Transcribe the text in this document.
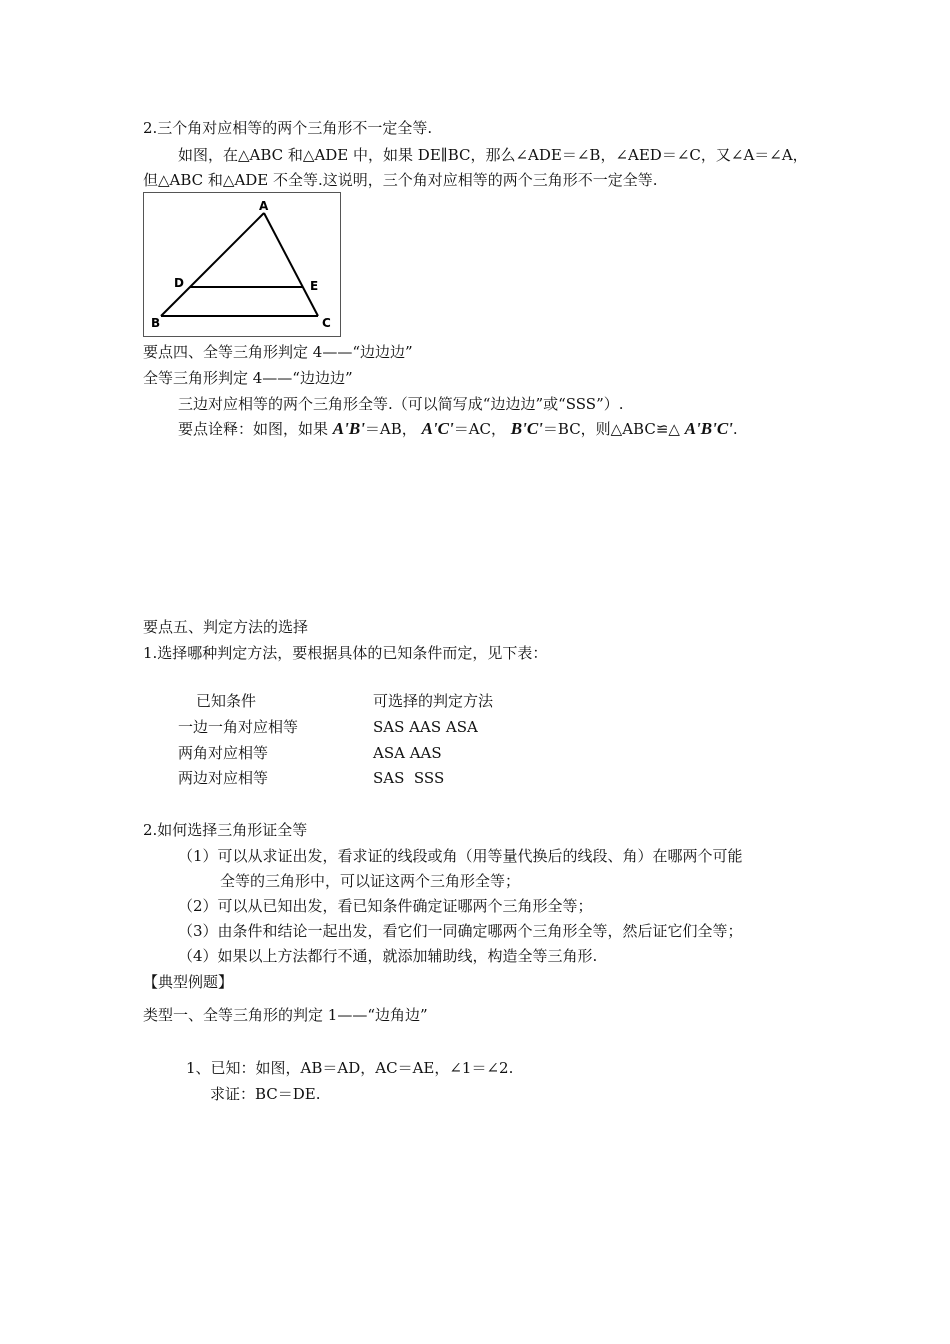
2.三个角对应相等的两个三角形不一定全等.
如图，在△ABC 和△ADE 中，如果 DE∥BC，那么∠ADE＝∠B，∠AED＝∠C，又∠A＝∠A，
但△ABC 和△ADE 不全等.这说明，三个角对应相等的两个三角形不一定全等.
A
B	C
D	E
要点四、全等三角形判定 4——“边边边”
全等三角形判定 4——“边边边”
三边对应相等的两个三角形全等.（可以简写成“边边边”或“SSS”）.
要点诠释：如图，如果 A'B'＝AB， A'C'＝AC， B'C'＝BC，则△ABC≌△ A'B'C'.
要点五、判定方法的选择
1.选择哪种判定方法，要根据具体的已知条件而定，见下表：
已知条件	可选择的判定方法
一边一角对应相等	SAS AAS ASA
两角对应相等	ASA AAS
两边对应相等	SAS  SSS
2.如何选择三角形证全等
（1）可以从求证出发，看求证的线段或角（用等量代换后的线段、角）在哪两个可能
全等的三角形中，可以证这两个三角形全等；
（2）可以从已知出发，看已知条件确定证哪两个三角形全等；
（3）由条件和结论一起出发，看它们一同确定哪两个三角形全等，然后证它们全等；
（4）如果以上方法都行不通，就添加辅助线，构造全等三角形.
【典型例题】
类型一、全等三角形的判定 1——“边角边”
1、已知：如图，AB＝AD，AC＝AE，∠1＝∠2.
求证：BC＝DE.
